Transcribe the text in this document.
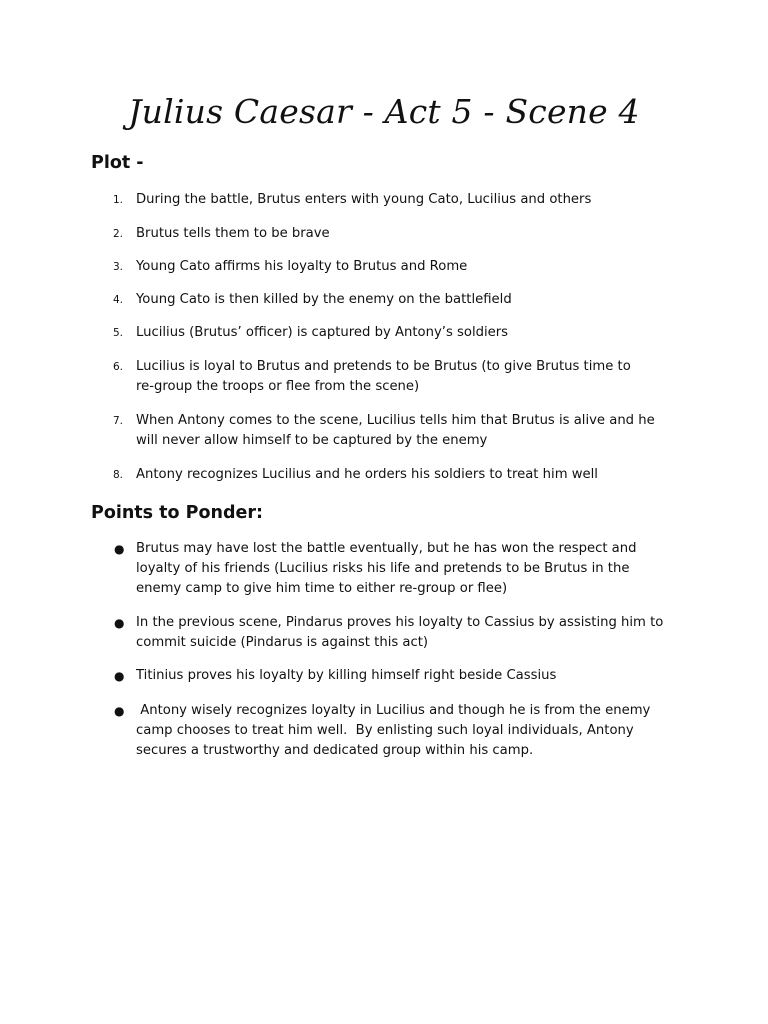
Julius Caesar - Act 5 - Scene 4
Plot -
1. During the battle, Brutus enters with young Cato, Lucilius and others
2. Brutus tells them to be brave
3. Young Cato affirms his loyalty to Brutus and Rome
4. Young Cato is then killed by the enemy on the battlefield
5. Lucilius (Brutus’ officer) is captured by Antony’s soldiers
6. Lucilius is loyal to Brutus and pretends to be Brutus (to give Brutus time to
re-group the troops or flee from the scene)
7. When Antony comes to the scene, Lucilius tells him that Brutus is alive and he
will never allow himself to be captured by the enemy
8. Antony recognizes Lucilius and he orders his soldiers to treat him well
Points to Ponder:
● Brutus may have lost the battle eventually, but he has won the respect and
loyalty of his friends (Lucilius risks his life and pretends to be Brutus in the
enemy camp to give him time to either re-group or flee)
● In the previous scene, Pindarus proves his loyalty to Cassius by assisting him to
commit suicide (Pindarus is against this act)
● Titinius proves his loyalty by killing himself right beside Cassius
●	Antony wisely recognizes loyalty in Lucilius and though he is from the enemy
camp chooses to treat him well.  By enlisting such loyal individuals, Antony
secures a trustworthy and dedicated group within his camp.
